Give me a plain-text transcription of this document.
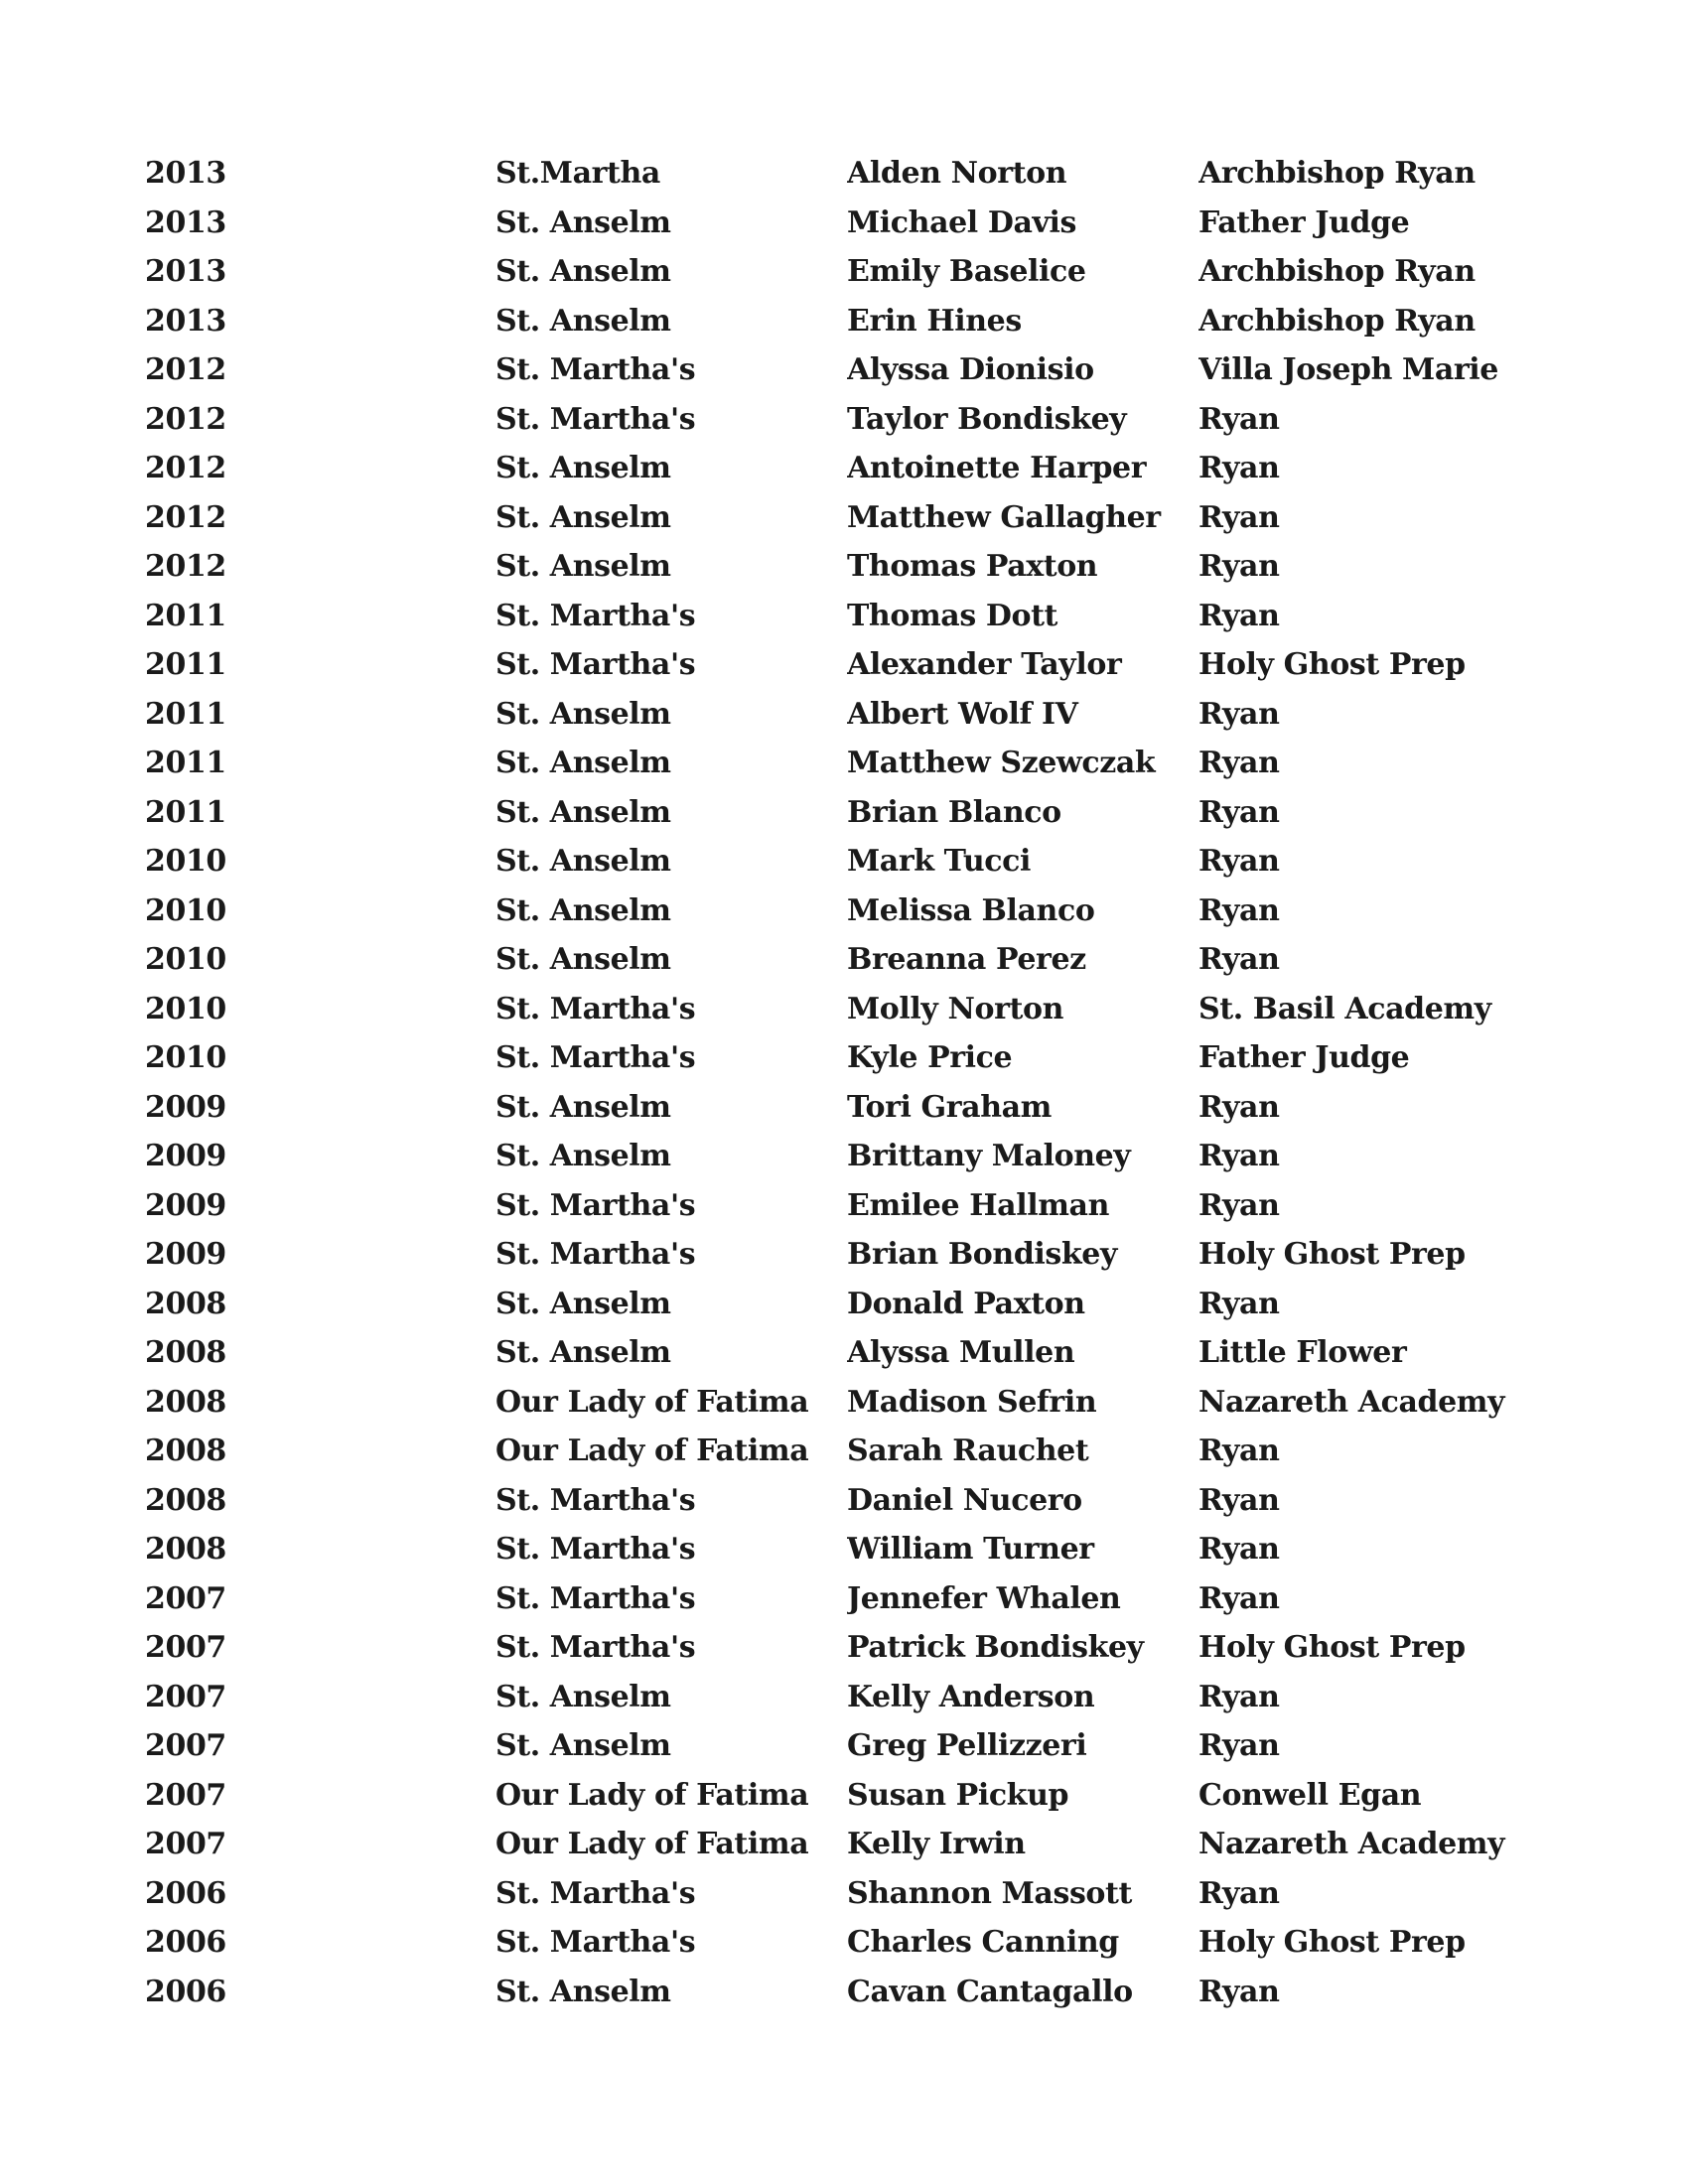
2013	St.Martha	Alden Norton	Archbishop Ryan
2013	St. Anselm	Michael Davis	Father Judge
2013	St. Anselm	Emily Baselice	Archbishop Ryan
2013	St. Anselm	Erin Hines	Archbishop Ryan
2012	St. Martha's	Alyssa Dionisio	Villa Joseph Marie
2012	St. Martha's	Taylor Bondiskey	Ryan
2012	St. Anselm	Antoinette Harper	Ryan
2012	St. Anselm	Matthew Gallagher	Ryan
2012	St. Anselm	Thomas Paxton	Ryan
2011	St. Martha's	Thomas Dott	Ryan
2011	St. Martha's	Alexander Taylor	Holy Ghost Prep
2011	St. Anselm	Albert Wolf IV	Ryan
2011	St. Anselm	Matthew Szewczak	Ryan
2011	St. Anselm	Brian Blanco	Ryan
2010	St. Anselm	Mark Tucci	Ryan
2010	St. Anselm	Melissa Blanco	Ryan
2010	St. Anselm	Breanna Perez	Ryan
2010	St. Martha's	Molly Norton	St. Basil Academy
2010	St. Martha's	Kyle Price	Father Judge
2009	St. Anselm	Tori Graham	Ryan
2009	St. Anselm	Brittany Maloney	Ryan
2009	St. Martha's	Emilee Hallman	Ryan
2009	St. Martha's	Brian Bondiskey	Holy Ghost Prep
2008	St. Anselm	Donald Paxton	Ryan
2008	St. Anselm	Alyssa Mullen	Little Flower
2008	Our Lady of Fatima	Madison Sefrin	Nazareth Academy
2008	Our Lady of Fatima	Sarah Rauchet	Ryan
2008	St. Martha's	Daniel Nucero	Ryan
2008	St. Martha's	William Turner	Ryan
2007	St. Martha's	Jennefer Whalen	Ryan
2007	St. Martha's	Patrick Bondiskey	Holy Ghost Prep
2007	St. Anselm	Kelly Anderson	Ryan
2007	St. Anselm	Greg Pellizzeri	Ryan
2007	Our Lady of Fatima	Susan Pickup	Conwell Egan
2007	Our Lady of Fatima	Kelly Irwin	Nazareth Academy
2006	St. Martha's	Shannon Massott	Ryan
2006	St. Martha's	Charles Canning	Holy Ghost Prep
2006	St. Anselm	Cavan Cantagallo	Ryan
